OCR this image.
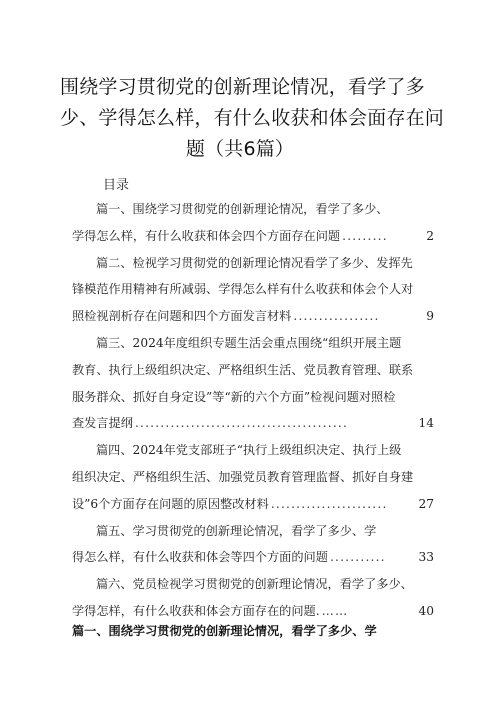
围绕学习贯彻党的创新理论情况，看学了多
少、学得怎么样，有什么收获和体会面存在问
题（共6篇）
目录
篇一、围绕学习贯彻党的创新理论情况，看学了多少、
学得怎么样，有什么收获和体会四个方面存在问题 .........	2
篇二、检视学习贯彻党的创新理论情况看学了多少、发挥先
锋模范作用精神有所减弱、学得怎么样有什么收获和体会个人对
照检视剖析存在问题和四个方面发言材料 .................	9
篇三、2024年度组织专题生活会重点围绕“组织开展主题
教育、执行上级组织决定、严格组织生活、党员教育管理、联系
服务群众、抓好自身定设”等“新的六个方面”检视问题对照检
查发言提纲 ..........................................	14
篇四、2024年党支部班子“执行上级组织决定、执行上级
组织决定、严格组织生活、加强党员教育管理监督、抓好自身建
设”6个方面存在问题的原因整改材料 .......................	27
篇五、学习贯彻党的创新理论情况，看学了多少、学
得怎么样，有什么收获和体会等四个方面的问题 ...........	33
篇六、党员检视学习贯彻党的创新理论情况，看学了多少、
学得怎样，有什么收获和体会方面存在的问题. ……	40
篇一、围绕学习贯彻党的创新理论情况，看学了多少、学
